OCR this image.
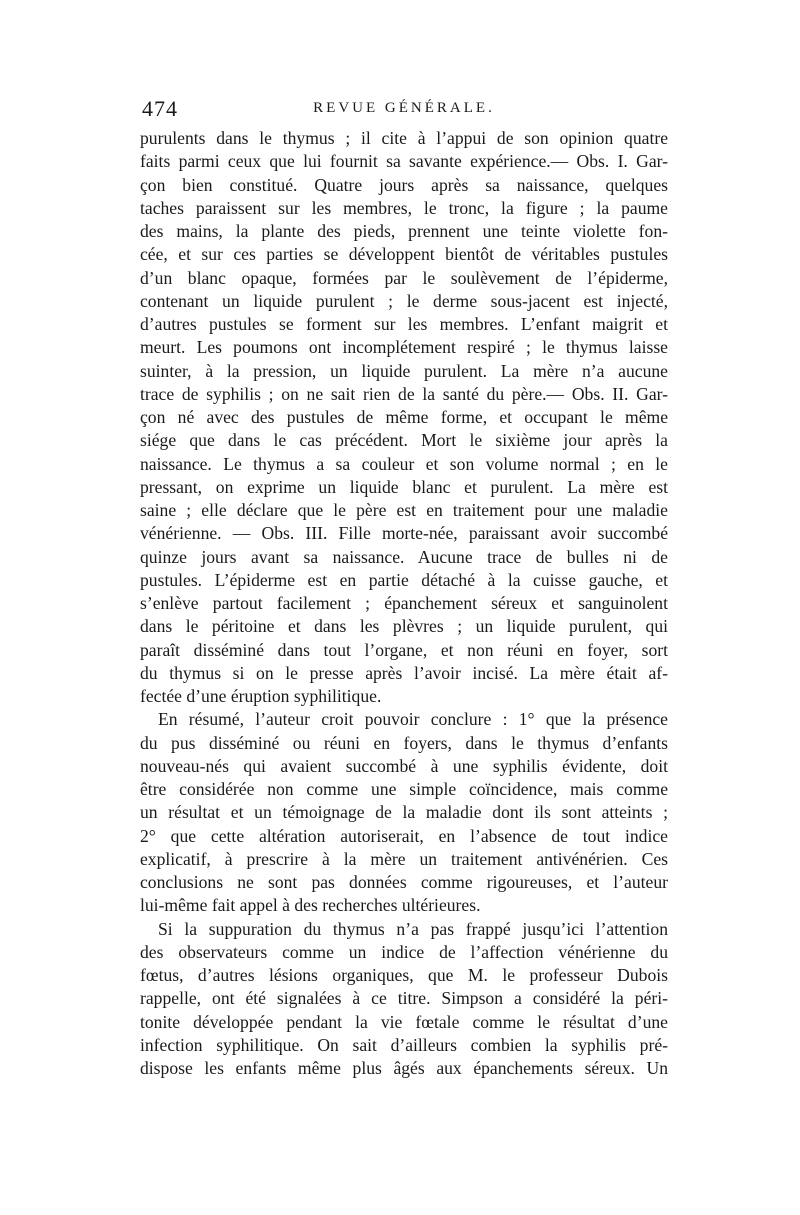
474	REVUE GÉNÉRALE.
purulents dans le thymus ; il cite à l’appui de son opinion quatre
faits parmi ceux que lui fournit sa savante expérience.— Obs. I. Gar-
çon bien constitué. Quatre jours après sa naissance, quelques
taches paraissent sur les membres, le tronc, la figure ; la paume
des mains, la plante des pieds, prennent une teinte violette fon-
cée, et sur ces parties se développent bientôt de véritables pustules
d’un blanc opaque, formées par le soulèvement de l’épiderme,
contenant un liquide purulent ; le derme sous-jacent est injecté,
d’autres pustules se forment sur les membres. L’enfant maigrit et
meurt. Les poumons ont incomplétement respiré ; le thymus laisse
suinter, à la pression, un liquide purulent. La mère n’a aucune
trace de syphilis ; on ne sait rien de la santé du père.— Obs. II. Gar-
çon né avec des pustules de même forme, et occupant le même
siége que dans le cas précédent. Mort le sixième jour après la
naissance. Le thymus a sa couleur et son volume normal ; en le
pressant, on exprime un liquide blanc et purulent. La mère est
saine ; elle déclare que le père est en traitement pour une maladie
vénérienne. — Obs. III. Fille morte-née, paraissant avoir succombé
quinze jours avant sa naissance. Aucune trace de bulles ni de
pustules. L’épiderme est en partie détaché à la cuisse gauche, et
s’enlève partout facilement ; épanchement séreux et sanguinolent
dans le péritoine et dans les plèvres ; un liquide purulent, qui
paraît disséminé dans tout l’organe, et non réuni en foyer, sort
du thymus si on le presse après l’avoir incisé. La mère était af-
fectée d’une éruption syphilitique.
En résumé, l’auteur croit pouvoir conclure : 1° que la présence
du pus disséminé ou réuni en foyers, dans le thymus d’enfants
nouveau-nés qui avaient succombé à une syphilis évidente, doit
être considérée non comme une simple coïncidence, mais comme
un résultat et un témoignage de la maladie dont ils sont atteints ;
2° que cette altération autoriserait, en l’absence de tout indice
explicatif, à prescrire à la mère un traitement antivénérien. Ces
conclusions ne sont pas données comme rigoureuses, et l’auteur
lui-même fait appel à des recherches ultérieures.
Si la suppuration du thymus n’a pas frappé jusqu’ici l’attention
des observateurs comme un indice de l’affection vénérienne du
fœtus, d’autres lésions organiques, que M. le professeur Dubois
rappelle, ont été signalées à ce titre. Simpson a considéré la péri-
tonite développée pendant la vie fœtale comme le résultat d’une
infection syphilitique. On sait d’ailleurs combien la syphilis pré-
dispose les enfants même plus âgés aux épanchements séreux. Un
